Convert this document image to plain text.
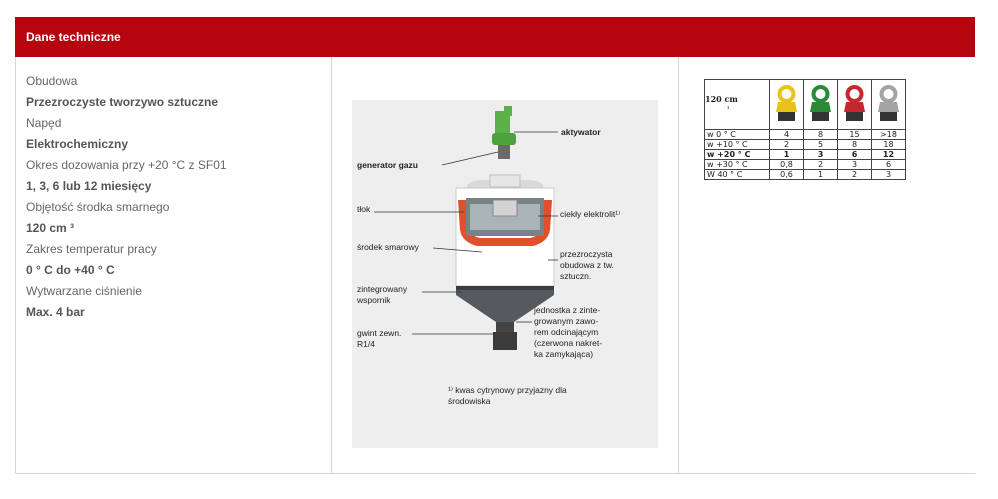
Dane techniczne
Obudowa
Przezroczyste tworzywo sztuczne
Napęd
Elektrochemiczny
Okres dozowania przy +20 °C z SF01
1, 3, 6 lub 12 miesięcy
Objętość środka smarnego
120 cm ³
Zakres temperatur pracy
0 ° C do +40 ° C
Wytwarzane ciśnienie
Max. 4 bar
aktywator
generator gazu
tłok	ciekły elektrolit¹⁾
środek smarowy
przezroczysta
obudowa z tw.
sztuczn.
zintegrowany
wspornik
gwint zewn.
R1/4
jednostka z zinte-
growanym zawo-
rem odcinającym
(czerwona nakret-
ka zamykająca)
¹⁾ kwas cytrynowy przyjazny dla
środowiska
120 cm
³				
w 0 ° C	4	8	15	>18
w +10 ° C	2	5	8	18
w +20 ° C	1	3	6	12
w +30 ° C	0,8	2	3	6
W 40 ° C	0,6	1	2	3
